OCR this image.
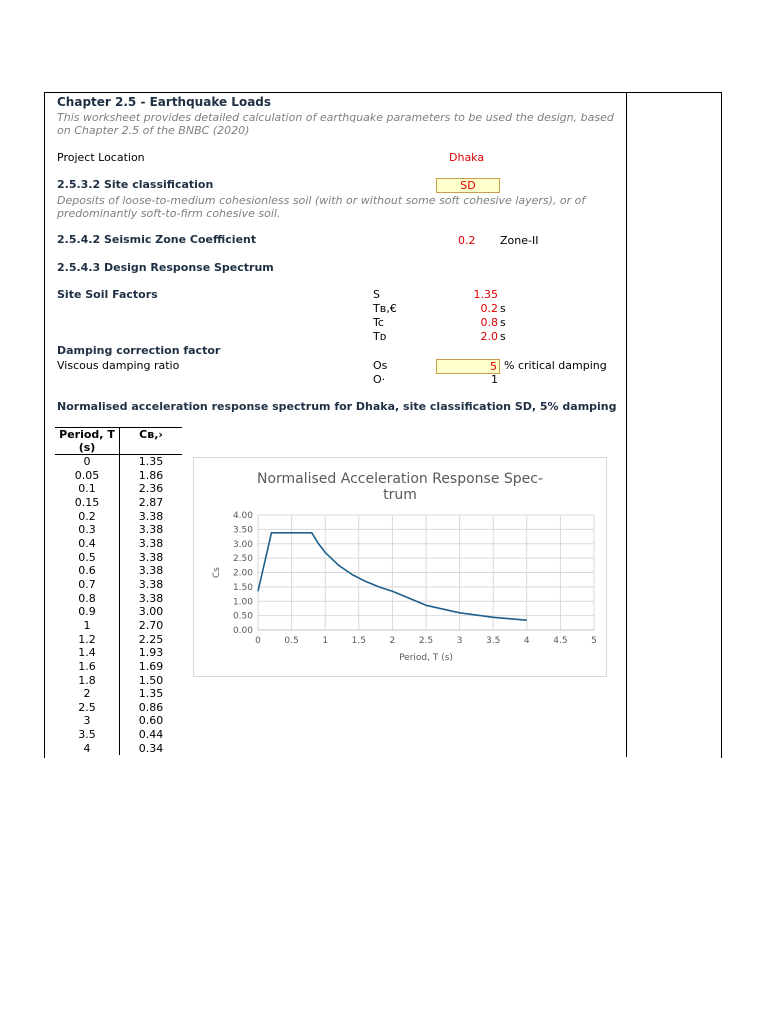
Chapter 2.5 - Earthquake Loads
This worksheet provides detailed calculation of earthquake parameters to be used the design, based on Chapter 2.5 of the BNBC (2020)
Project Location	Dhaka
2.5.3.2 Site classification	SD
Deposits of loose-to-medium cohesionless soil (with or without some soft cohesive layers), or of predominantly soft-to-firm cohesive soil.
2.5.4.2 Seismic Zone Coefficient	0.2 Zone-II
2.5.4.3 Design Response Spectrum
Site Soil Factors	S	1.35
Tв‚€	0.2 s
Tc	0.8 s
Tᴅ	2.0 s
Damping correction factor
Viscous damping ratio	Оѕ	5 % critical damping
О·	1
Normalised acceleration response spectrum for Dhaka, site classification SD, 5% damping
Period, T (s)	Cв‚›
0	1.35
0.05	1.86
0.1	2.36
0.15	2.87
0.2	3.38
0.3	3.38
0.4	3.38
0.5	3.38
0.6	3.38
0.7	3.38
0.8	3.38
0.9	3.00
1	2.70
1.2	2.25
1.4	1.93
1.6	1.69
1.8	1.50
2	1.35
2.5	0.86
3	0.60
3.5	0.44
4	0.34
Normalised Acceleration Response Spec-
trum
0.00
0.50
1.00
1.50
2.00
2.50
3.00
3.50
4.00
0	0.5	1	1.5	2	2.5	3	3.5	4	4.5	5
Period, T (s)
Cs
